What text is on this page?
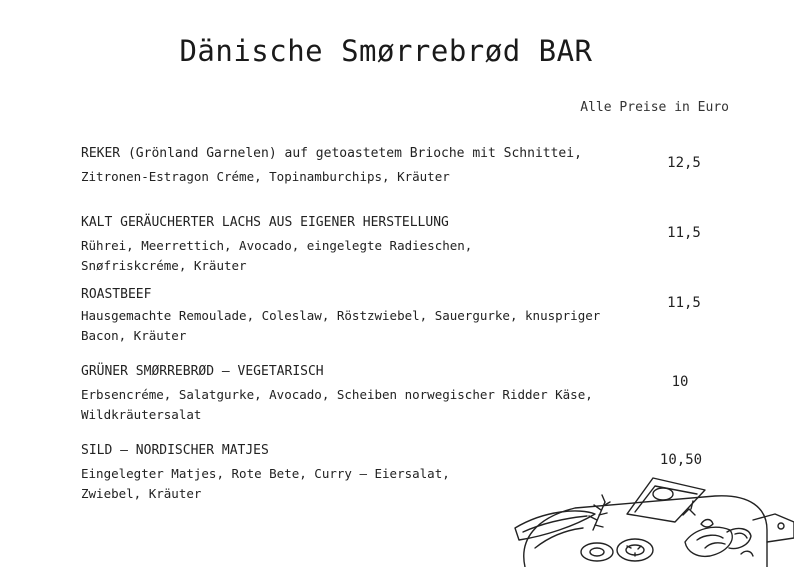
Dänische Smørrebrød BAR
Alle Preise in Euro
REKER (Grönland Garnelen) auf getoastetem Brioche mit Schnittei,
Zitronen-Estragon Créme, Topinamburchips, Kräuter
12,5
KALT GERÄUCHERTER LACHS AUS EIGENER HERSTELLUNG
Rührei, Meerrettich, Avocado, eingelegte Radieschen, Snøfriskcréme, Kräuter
11,5
ROASTBEEF
Hausgemachte Remoulade, Coleslaw, Röstzwiebel, Sauergurke, knuspriger Bacon, Kräuter
11,5
GRÜNER SMØRREBRØD – VEGETARISCH
Erbsencréme, Salatgurke, Avocado, Scheiben norwegischer Ridder Käse, Wildkräutersalat
10
SILD – NORDISCHER MATJES
Eingelegter Matjes, Rote Bete, Curry – Eiersalat, Zwiebel, Kräuter
10,50
